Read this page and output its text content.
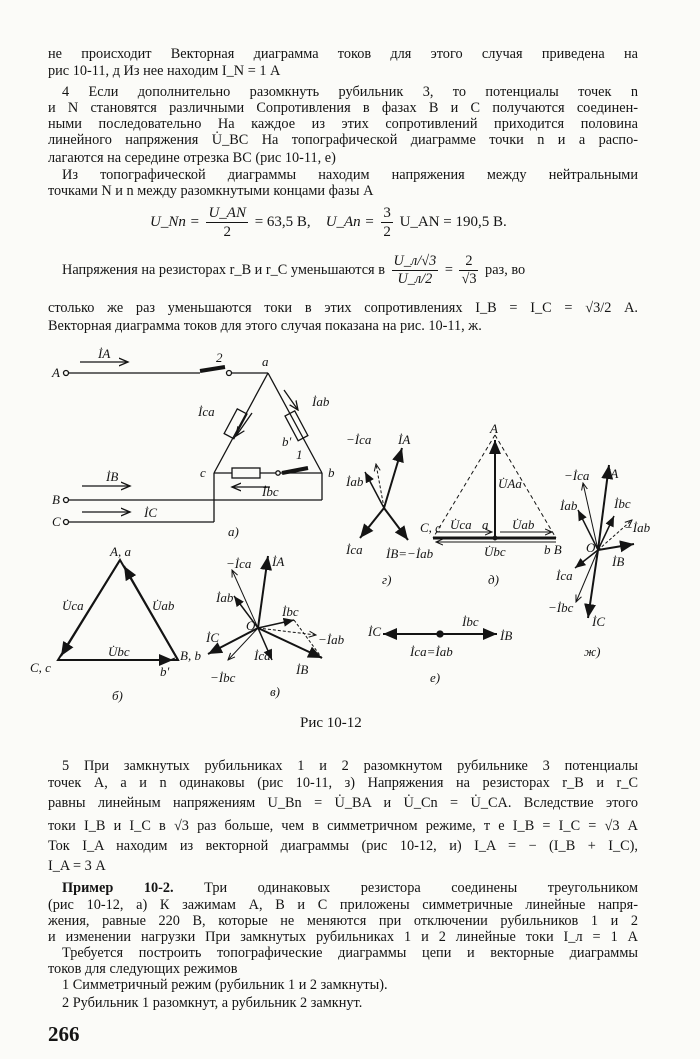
не происходит Векторная диаграмма токов для этого случая приведена на
рис 10-11, д Из нее находим I_N = 1 А
4 Если дополнительно разомкнуть рубильник 3, то потенциалы точек n
и N становятся различными Сопротивления в фазах B и C получаются соединен-
ными последовательно На каждое из этих сопротивлений приходится половина
линейного напряжения U̇_BC На топографической диаграмме точки n и a распо-
лагаются на середине отрезка BC (рис 10-11, е)
Из топографической диаграммы находим напряжения между нейтральными
точками N и n между разомкнутыми концами фазы A
U_Nn = $\frac{U\_AN}{2} = 63,5$ В, U_An = $\frac{3}{2}$ U_AN = 190,5 В.
Напряжения на резисторах r_B и r_C уменьшаются в $\frac{U\_л/√3}{U\_л/2} = \frac{2}{√3}$ раз, во
столько же раз уменьшаются токи в этих сопротивлениях I_B = I_C = √3/2 А.
Векторная диаграмма токов для этого случая показана на рис. 10-11, ж.
A
İA	2	a
İca
İab
b′
1
c	b
İB
İbc
B
C
İC
а)
A, a
U̇ca	U̇ab
C, c
U̇bc	B, b
b′
б)
−İca İA
İab
İbc
−İab
O
İC
İca
−İbc
İB
в)
−İca İA
İab
İca İB=−İab
г)
A
U̇Aa
C, c U̇ca a U̇ab
b B
U̇bc
д)
İC
İbc
İB
İca=İab
е)
−İca İA
İab	İbc
−İab
O
İca
İB
−İbc
İC
ж)
Рис 10-12
5 При замкнутых рубильниках 1 и 2 разомкнутом рубильнике 3 потенциалы
точек A, a и n одинаковы (рис 10-11, з) Напряжения на резисторах r_B и r_C
равны линейным напряжениям U_Bn = U̇_BA и U̇_Cn = U̇_CA. Вследствие этого
токи I_B и I_C в √3 раз больше, чем в симметричном режиме, т е I_B = I_C = √3 А
Ток I_A находим из векторной диаграммы (рис 10-12, и) I_A = − (I_B + I_C),
I_A = 3 А
Пример 10-2. Три одинаковых резистора соединены треугольником
(рис 10-12, а) К зажимам A, B и C приложены симметричные линейные напря-
жения, равные 220 В, которые не меняются при отключении рубильников 1 и 2
и изменении нагрузки При замкнутых рубильниках 1 и 2 линейные токи I_л = 1 А
Требуется построить топографические диаграммы цепи и векторные диаграммы
токов для следующих режимов
1 Симметричный режим (рубильник 1 и 2 замкнуты).
2 Рубильник 1 разомкнут, а рубильник 2 замкнут.
266
